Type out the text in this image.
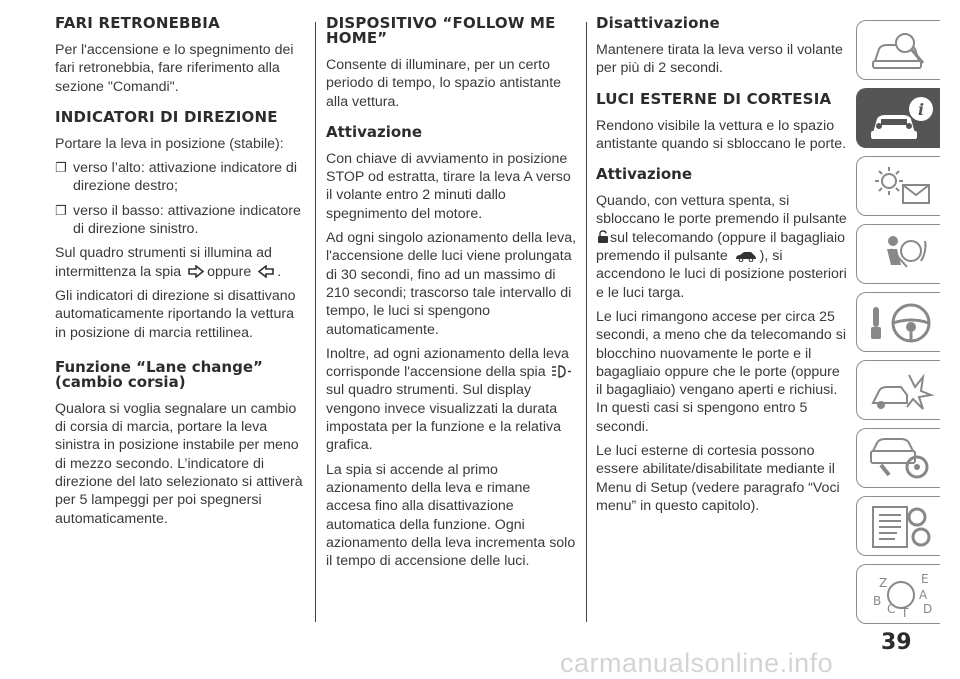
FARI RETRONEBBIA

Per l'accensione e lo spegnimento dei fari retronebbia, fare riferimento alla sezione "Comandi".

INDICATORI DI DIREZIONE

Portare la leva in posizione (stabile):

❒ verso l’alto: attivazione indicatore di direzione destro;

❒ verso il basso: attivazione indicatore di direzione sinistro.

Sul quadro strumenti si illumina ad intermittenza la spia oppure .

Gli indicatori di direzione si disattivano automaticamente riportando la vettura in posizione di marcia rettilinea.

Funzione “Lane change” (cambio corsia)

Qualora si voglia segnalare un cambio di corsia di marcia, portare la leva sinistra in posizione instabile per meno di mezzo secondo. L’indicatore di direzione del lato selezionato si attiverà per 5 lampeggi per poi spegnersi automaticamente.

DISPOSITIVO “FOLLOW ME HOME”

Consente di illuminare, per un certo periodo di tempo, lo spazio antistante alla vettura.

Attivazione

Con chiave di avviamento in posizione STOP od estratta, tirare la leva A verso il volante entro 2 minuti dallo spegnimento del motore.

Ad ogni singolo azionamento della leva, l'accensione delle luci viene prolungata di 30 secondi, fino ad un massimo di 210 secondi; trascorso tale intervallo di tempo, le luci si spengono automaticamente.

Inoltre, ad ogni azionamento della leva corrisponde l'accensione della spia sul quadro strumenti. Sul display vengono invece visualizzati la durata impostata per la funzione e la relativa grafica.

La spia si accende al primo azionamento della leva e rimane accesa fino alla disattivazione automatica della funzione. Ogni azionamento della leva incrementa solo il tempo di accensione delle luci.

Disattivazione

Mantenere tirata la leva verso il volante per più di 2 secondi.

LUCI ESTERNE DI CORTESIA

Rendono visibile la vettura e lo spazio antistante quando si sbloccano le porte.

Attivazione

Quando, con vettura spenta, si sbloccano le porte premendo il pulsante sul telecomando (oppure il bagagliaio premendo il pulsante ), si accendono le luci di posizione posteriori e le luci targa.

Le luci rimangono accese per circa 25 secondi, a meno che da telecomando si blocchino nuovamente le porte e il bagagliaio oppure che le porte (oppure il bagagliaio) vengano aperti e richiusi. In questi casi si spengono entro 5 secondi.

Le luci esterne di cortesia possono essere abilitate/disabilitate mediante il Menu di Setup (vedere paragrafo “Voci menu” in questo capitolo).

i
Z	E
A
B
C T D
39
carmanualsonline.info
